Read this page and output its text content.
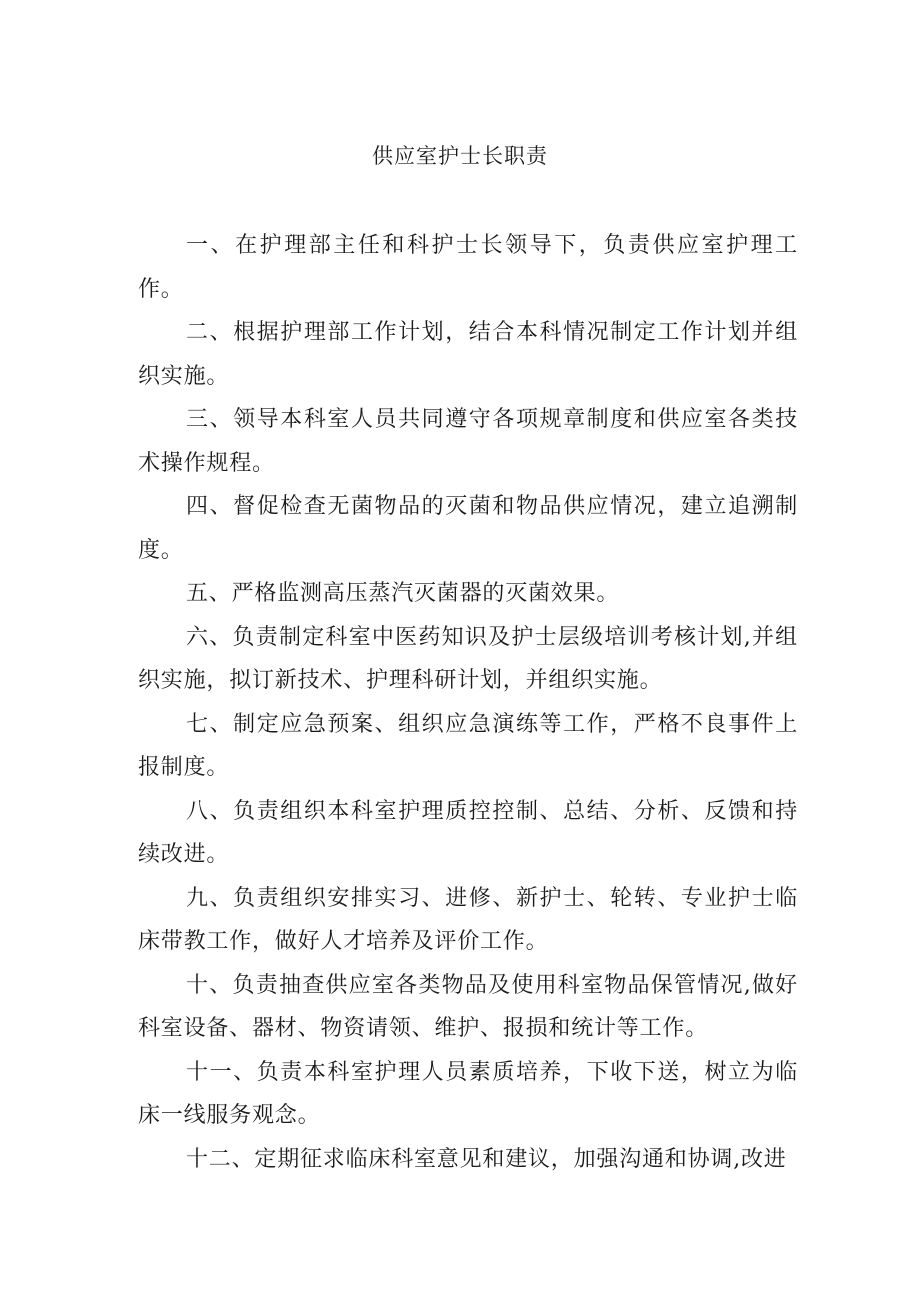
供应室护士长职责

一、在护理部主任和科护士长领导下，负责供应室护理工作。

二、根据护理部工作计划，结合本科情况制定工作计划并组织实施。

三、领导本科室人员共同遵守各项规章制度和供应室各类技术操作规程。

四、督促检查无菌物品的灭菌和物品供应情况，建立追溯制度。

五、严格监测高压蒸汽灭菌器的灭菌效果。

六、负责制定科室中医药知识及护士层级培训考核计划,并组织实施，拟订新技术、护理科研计划，并组织实施。

七、制定应急预案、组织应急演练等工作，严格不良事件上报制度。

八、负责组织本科室护理质控控制、总结、分析、反馈和持续改进。

九、负责组织安排实习、进修、新护士、轮转、专业护士临床带教工作，做好人才培养及评价工作。

十、负责抽查供应室各类物品及使用科室物品保管情况,做好科室设备、器材、物资请领、维护、报损和统计等工作。

十一、负责本科室护理人员素质培养，下收下送，树立为临床一线服务观念。

十二、定期征求临床科室意见和建议，加强沟通和协调,改进
